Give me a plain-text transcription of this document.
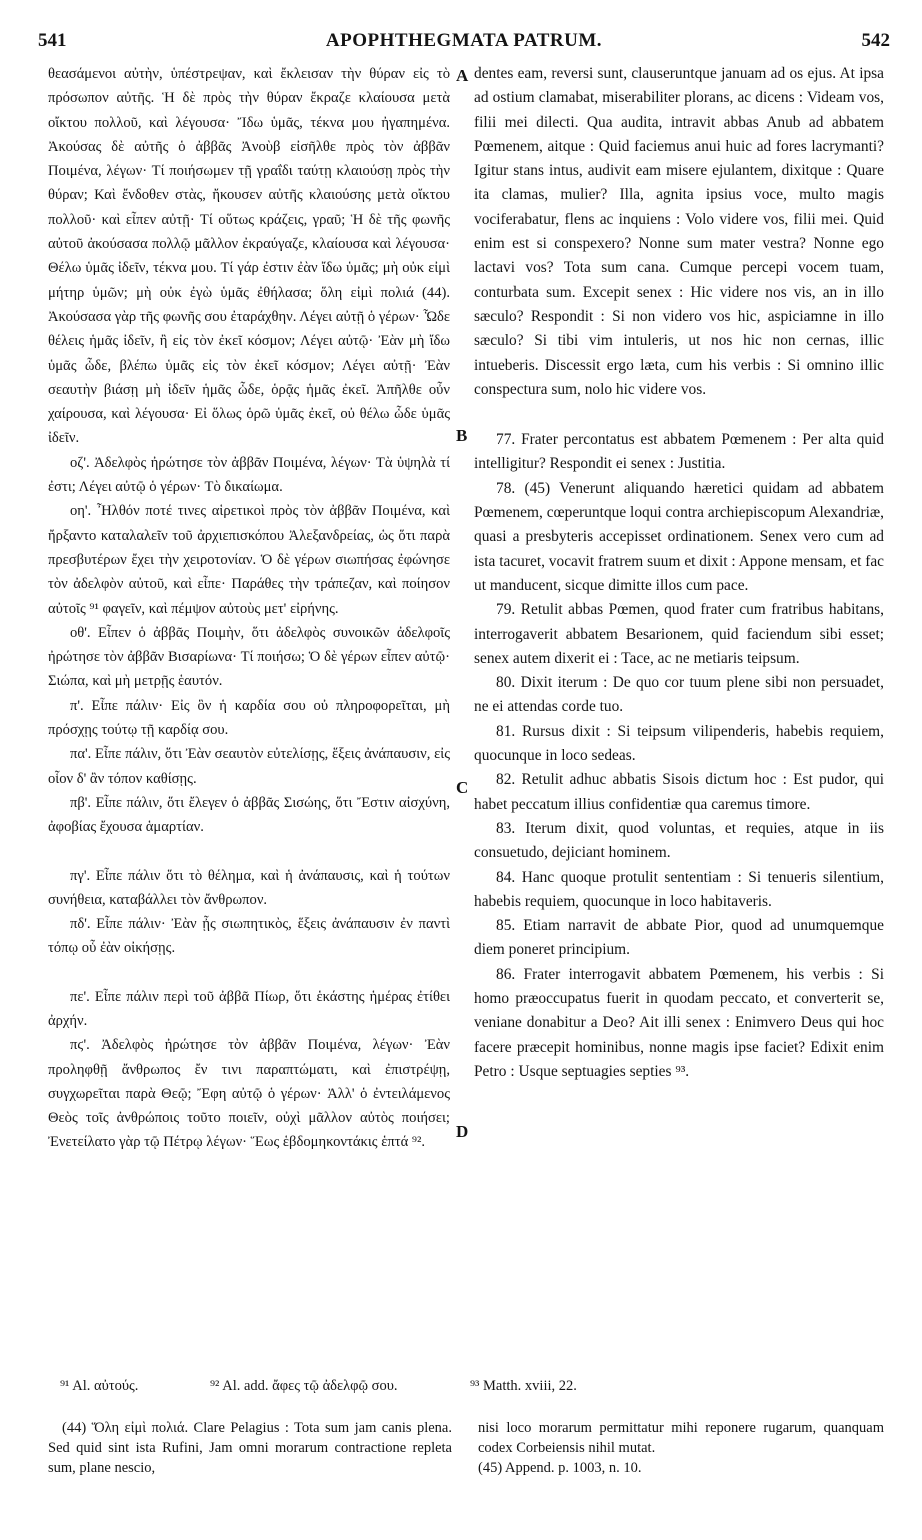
541	APOPHTHEGMATA PATRUM.	542

θεασάμενοι αὐτὴν, ὑπέστρεψαν, καὶ ἔκλεισαν τὴν θύραν εἰς τὸ πρόσωπον αὐτῆς. Ἡ δὲ πρὸς τὴν θύραν ἔκραζε κλαίουσα μετὰ οἴκτου πολλοῦ, καὶ λέγουσα· Ἴδω ὑμᾶς, τέκνα μου ἠγαπημένα. Ἀκούσας δὲ αὐτῆς ὁ ἀββᾶς Ἀνοὺβ εἰσῆλθε πρὸς τὸν ἀββᾶν Ποιμένα, λέγων· Τί ποιήσωμεν τῇ γραΐδι ταύτῃ κλαιούσῃ πρὸς τὴν θύραν; Καὶ ἔνδοθεν στὰς, ἤκουσεν αὐτῆς κλαιούσης μετὰ οἴκτου πολλοῦ· καὶ εἶπεν αὐτῇ· Τί οὕτως κράζεις, γραῦ; Ἡ δὲ τῆς φωνῆς αὐτοῦ ἀκούσασα πολλῷ μᾶλλον ἐκραύγαζε, κλαίουσα καὶ λέγουσα· Θέλω ὑμᾶς ἰδεῖν, τέκνα μου. Τί γάρ ἐστιν ἐὰν ἴδω ὑμᾶς; μὴ οὐκ εἰμὶ μήτηρ ὑμῶν; μὴ οὐκ ἐγὼ ὑμᾶς ἐθήλασα; ὅλη εἰμὶ πολιά (44). Ἀκούσασα γὰρ τῆς φωνῆς σου ἐταράχθην. Λέγει αὐτῇ ὁ γέρων· Ὧδε θέλεις ἡμᾶς ἰδεῖν, ἢ εἰς τὸν ἐκεῖ κόσμον; Λέγει αὐτῷ· Ἐὰν μὴ ἴδω ὑμᾶς ὧδε, βλέπω ὑμᾶς εἰς τὸν ἐκεῖ κόσμον; Λέγει αὐτῇ· Ἐὰν σεαυτὴν βιάσῃ μὴ ἰδεῖν ἡμᾶς ὧδε, ὁρᾷς ἡμᾶς ἐκεῖ. Ἀπῆλθε οὖν χαίρουσα, καὶ λέγουσα· Εἰ ὅλως ὁρῶ ὑμᾶς ἐκεῖ, οὐ θέλω ὧδε ὑμᾶς ἰδεῖν.

οζ'. Ἀδελφὸς ἠρώτησε τὸν ἀββᾶν Ποιμένα, λέγων· Τὰ ὑψηλὰ τί ἐστι; Λέγει αὐτῷ ὁ γέρων· Τὸ δικαίωμα.

οη'. Ἦλθόν ποτέ τινες αἱρετικοὶ πρὸς τὸν ἀββᾶν Ποιμένα, καὶ ἤρξαντο καταλαλεῖν τοῦ ἀρχιεπισκόπου Ἀλεξανδρείας, ὡς ὅτι παρὰ πρεσβυτέρων ἔχει τὴν χειροτονίαν. Ὁ δὲ γέρων σιωπήσας ἐφώνησε τὸν ἀδελφὸν αὐτοῦ, καὶ εἶπε· Παράθες τὴν τράπεζαν, καὶ ποίησον αὐτοῖς ⁹¹ φαγεῖν, καὶ πέμψον αὐτοὺς μετ' εἰρήνης.

οθ'. Εἶπεν ὁ ἀββᾶς Ποιμὴν, ὅτι ἀδελφὸς συνοικῶν ἀδελφοῖς ἠρώτησε τὸν ἀββᾶν Βισαρίωνα· Τί ποιήσω; Ὁ δὲ γέρων εἶπεν αὐτῷ· Σιώπα, καὶ μὴ μετρῇς ἑαυτόν.

π'. Εἶπε πάλιν· Εἰς ὃν ἡ καρδία σου οὐ πληροφορεῖται, μὴ πρόσχῃς τούτῳ τῇ καρδίᾳ σου.

πα'. Εἶπε πάλιν, ὅτι Ἐὰν σεαυτὸν εὐτελίσῃς, ἕξεις ἀνάπαυσιν, εἰς οἷον δ' ἂν τόπον καθίσῃς.

πβ'. Εἶπε πάλιν, ὅτι ἔλεγεν ὁ ἀββᾶς Σισώης, ὅτι Ἔστιν αἰσχύνη, ἀφοβίας ἔχουσα ἁμαρτίαν.

πγ'. Εἶπε πάλιν ὅτι τὸ θέλημα, καὶ ἡ ἀνάπαυσις, καὶ ἡ τούτων συνήθεια, καταβάλλει τὸν ἄνθρωπον.

πδ'. Εἶπε πάλιν· Ἐὰν ᾖς σιωπητικὸς, ἕξεις ἀνάπαυσιν ἐν παντὶ τόπῳ οὗ ἐὰν οἰκήσῃς.

πε'. Εἶπε πάλιν περὶ τοῦ ἀββᾶ Πίωρ, ὅτι ἑκάστης ἡμέρας ἐτίθει ἀρχήν.

πϛ'. Ἀδελφὸς ἠρώτησε τὸν ἀββᾶν Ποιμένα, λέγων· Ἐὰν προληφθῇ ἄνθρωπος ἔν τινι παραπτώματι, καὶ ἐπιστρέψῃ, συγχωρεῖται παρὰ Θεῷ; Ἔφη αὐτῷ ὁ γέρων· Ἀλλ' ὁ ἐντειλάμενος Θεὸς τοῖς ἀνθρώποις τοῦτο ποιεῖν, οὐχὶ μᾶλλον αὐτὸς ποιήσει; Ἐνετείλατο γὰρ τῷ Πέτρῳ λέγων· Ἕως ἑβδομηκοντάκις ἑπτά ⁹².

dentes eam, reversi sunt, clauseruntque januam ad os ejus. At ipsa ad ostium clamabat, miserabiliter plorans, ac dicens : Videam vos, filii mei dilecti. Qua audita, intravit abbas Anub ad abbatem Pœmenem, aitque : Quid faciemus anui huic ad fores lacrymanti? Igitur stans intus, audivit eam misere ejulantem, dixitque : Quare ita clamas, mulier? Illa, agnita ipsius voce, multo magis vociferabatur, flens ac inquiens : Volo videre vos, filii mei. Quid enim est si conspexero? Nonne sum mater vestra? Nonne ego lactavi vos? Tota sum cana. Cumque percepi vocem tuam, conturbata sum. Excepit senex : Hic videre nos vis, an in illo sæculo? Respondit : Si non videro vos hic, aspiciamne in illo sæculo? Si tibi vim intuleris, ut nos hic non cernas, illic intueberis. Discessit ergo læta, cum his verbis : Si omnino illic conspectura sum, nolo hic videre vos.

77. Frater percontatus est abbatem Pœmenem : Per alta quid intelligitur? Respondit ei senex : Justitia.

78. (45) Venerunt aliquando hæretici quidam ad abbatem Pœmenem, cœperuntque loqui contra archiepiscopum Alexandriæ, quasi a presbyteris accepisset ordinationem. Senex vero cum ad ista tacuret, vocavit fratrem suum et dixit : Appone mensam, et fac ut manducent, sicque dimitte illos cum pace.

79. Retulit abbas Pœmen, quod frater cum fratribus habitans, interrogaverit abbatem Besarionem, quid faciendum sibi esset; senex autem dixerit ei : Tace, ac ne metiaris teipsum.

80. Dixit iterum : De quo cor tuum plene sibi non persuadet, ne ei attendas corde tuo.

81. Rursus dixit : Si teipsum vilipenderis, habebis requiem, quocunque in loco sedeas.

82. Retulit adhuc abbatis Sisois dictum hoc : Est pudor, qui habet peccatum illius confidentiæ qua caremus timore.

83. Iterum dixit, quod voluntas, et requies, atque in iis consuetudo, dejiciant hominem.

84. Hanc quoque protulit sententiam : Si tenueris silentium, habebis requiem, quocunque in loco habitaveris.

85. Etiam narravit de abbate Pior, quod ad unumquemque diem poneret principium.

86. Frater interrogavit abbatem Pœmenem, his verbis : Si homo præoccupatus fuerit in quodam peccato, et converterit se, veniane donabitur a Deo? Ait illi senex : Enimvero Deus qui hoc facere præcepit hominibus, nonne magis ipse faciet? Edixit enim Petro : Usque septuagies septies ⁹³.

A
B
C
D
⁹¹ Al. αὐτούς.	⁹² Al. add. ἄφες τῷ ἀδελφῷ σου.	⁹³ Matth. xviii, 22.

(44) Ὅλη εἰμὶ πολιά. Clare Pelagius : Tota sum jam canis plena. Sed quid sint ista Rufini, Jam omni morarum contractione repleta sum, plane nescio,

nisi loco morarum permittatur mihi reponere rugarum, quanquam codex Corbeiensis nihil mutat.

(45) Append. p. 1003, n. 10.
